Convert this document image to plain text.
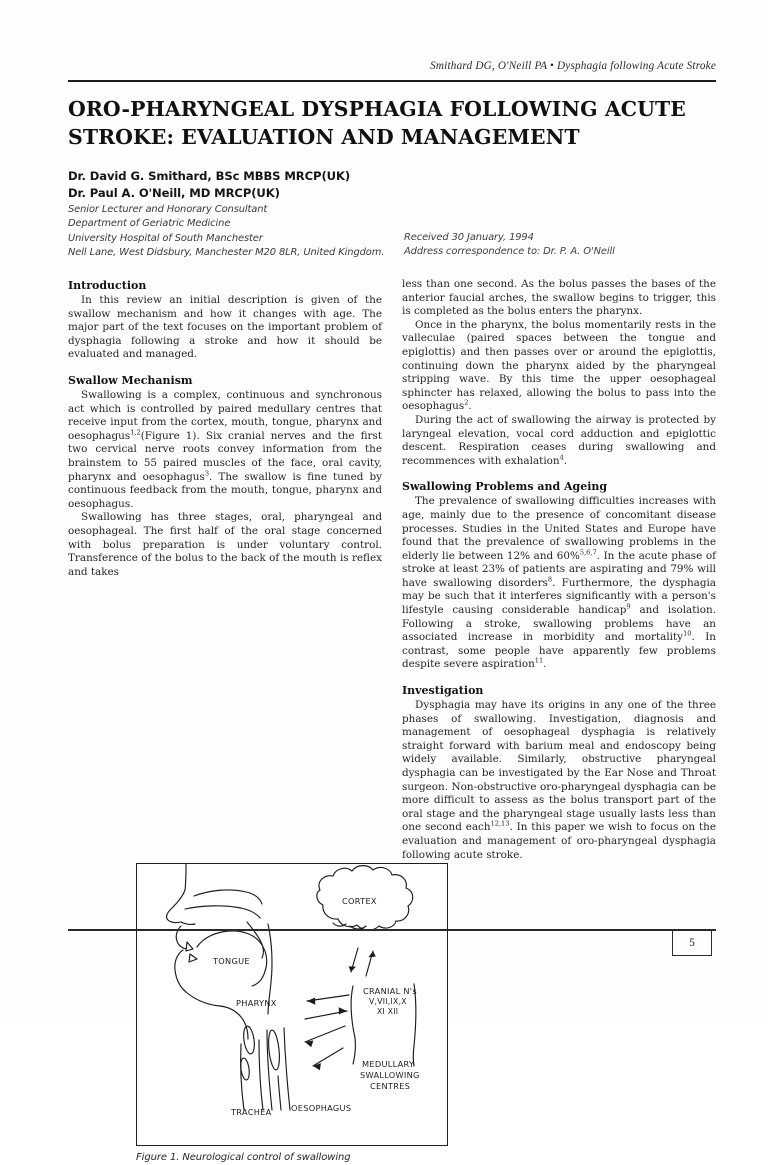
Smithard DG, O'Neill PA • Dysphagia following Acute Stroke
ORO-PHARYNGEAL DYSPHAGIA FOLLOWING ACUTE STROKE: EVALUATION AND MANAGEMENT
Dr. David G. Smithard, BSc MBBS MRCP(UK)
Dr. Paul A. O'Neill, MD MRCP(UK)
Senior Lecturer and Honorary Consultant
Department of Geriatric Medicine
University Hospital of South Manchester
Nell Lane, West Didsbury, Manchester M20 8LR, United Kingdom.
Received 30 January, 1994
Address correspondence to: Dr. P. A. O'Neill
Introduction

In this review an initial description is given of the swallow mechanism and how it changes with age. The major part of the text focuses on the important problem of dysphagia following a stroke and how it should be evaluated and managed.

Swallow Mechanism

Swallowing is a complex, continuous and synchronous act which is controlled by paired medullary centres that receive input from the cortex, mouth, tongue, pharynx and oesophagus$^{1,2}$(Figure 1). Six cranial nerves and the first two cervical nerve roots convey information from the brainstem to 55 paired muscles of the face, oral cavity, pharynx and oesophagus$^3$. The swallow is fine tuned by continuous feedback from the mouth, tongue, pharynx and oesophagus.

Swallowing has three stages, oral, pharyngeal and oesophageal. The first half of the oral stage concerned with bolus preparation is under voluntary control. Transference of the bolus to the back of the mouth is reflex and takes

CORTEX
TONGUE
PHARYNX
TRACHEA OESOPHAGUS
CRANIAL N's
V,VII,IX,X
XI XII
MEDULLARY
SWALLOWING
CENTRES
Figure 1. Neurological control of swallowing

less than one second. As the bolus passes the bases of the anterior faucial arches, the swallow begins to trigger, this is completed as the bolus enters the pharynx.

Once in the pharynx, the bolus momentarily rests in the valleculae (paired spaces between the tongue and epiglottis) and then passes over or around the epiglottis, continuing down the pharynx aided by the pharyngeal stripping wave. By this time the upper oesophageal sphincter has relaxed, allowing the bolus to pass into the oesophagus$^2$.

During the act of swallowing the airway is protected by laryngeal elevation, vocal cord adduction and epiglottic descent. Respiration ceases during swallowing and recommences with exhalation$^4$.

Swallowing Problems and Ageing

The prevalence of swallowing difficulties increases with age, mainly due to the presence of concomitant disease processes. Studies in the United States and Europe have found that the prevalence of swallowing problems in the elderly lie between 12% and 60%$^{5,6,7}$. In the acute phase of stroke at least 23% of patients are aspirating and 79% will have swallowing disorders$^8$. Furthermore, the dysphagia may be such that it interferes significantly with a person's lifestyle causing considerable handicap$^9$ and isolation. Following a stroke, swallowing problems have an associated increase in morbidity and mortality$^{10}$. In contrast, some people have apparently few problems despite severe aspiration$^{11}$.

Investigation

Dysphagia may have its origins in any one of the three phases of swallowing. Investigation, diagnosis and management of oesophageal dysphagia is relatively straight forward with barium meal and endoscopy being widely available. Similarly, obstructive pharyngeal dysphagia can be investigated by the Ear Nose and Throat surgeon. Non-obstructive oro-pharyngeal dysphagia can be more difficult to assess as the bolus transport part of the oral stage and the pharyngeal stage usually lasts less than one second each$^{12,13}$. In this paper we wish to focus on the evaluation and management of oro-pharyngeal dysphagia following acute stroke.

5
